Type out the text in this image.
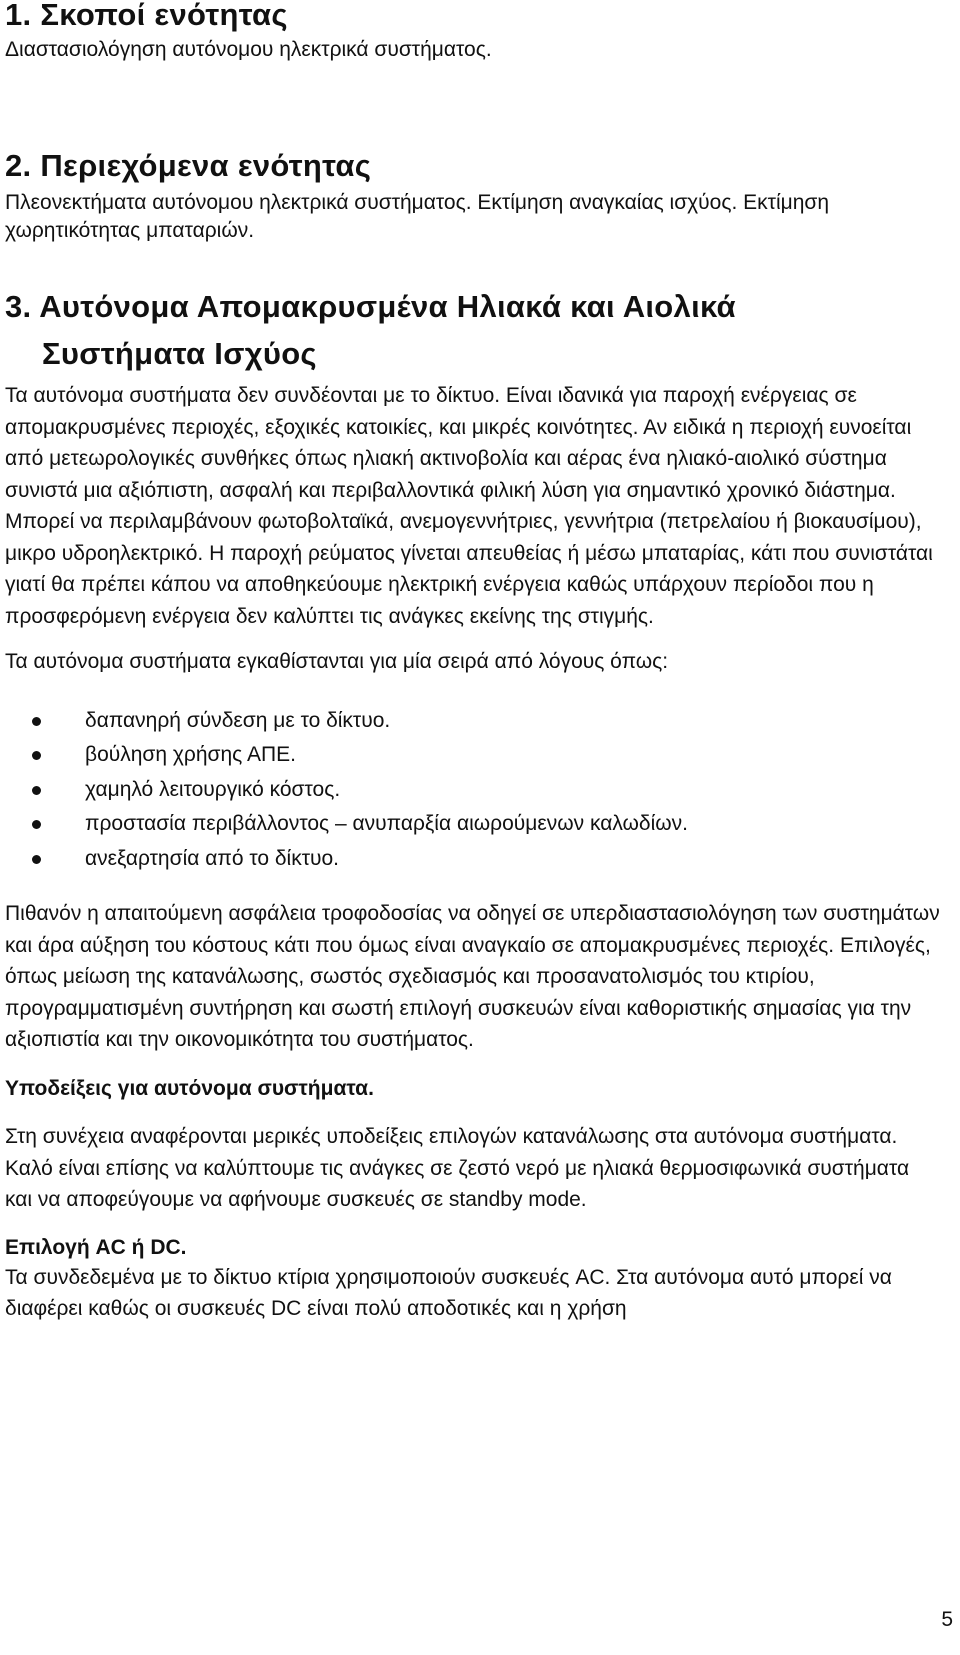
1. Σκοποί ενότητας

Διαστασιολόγηση αυτόνομου ηλεκτρικά συστήματος.

2. Περιεχόμενα ενότητας

Πλεονεκτήματα αυτόνομου ηλεκτρικά συστήματος. Εκτίμηση αναγκαίας ισχύος. Εκτίμηση χωρητικότητας μπαταριών.

3. Αυτόνομα Απομακρυσμένα Ηλιακά και Αιολικά Συστήματα Ισχύος

Τα αυτόνομα συστήματα δεν συνδέονται με το δίκτυο. Είναι ιδανικά για παροχή ενέργειας σε απομακρυσμένες περιοχές, εξοχικές κατοικίες, και μικρές κοινότητες. Αν ειδικά η περιοχή ευνοείται από μετεωρολογικές συνθήκες όπως ηλιακή ακτινοβολία και αέρας ένα ηλιακό-αιολικό σύστημα συνιστά μια αξιόπιστη, ασφαλή και περιβαλλοντικά φιλική λύση για σημαντικό χρονικό διάστημα. Μπορεί να περιλαμβάνουν φωτοβολταϊκά, ανεμογεννήτριες, γεννήτρια (πετρελαίου ή βιοκαυσίμου), μικρο υδροηλεκτρικό. Η παροχή ρεύματος γίνεται απευθείας ή μέσω μπαταρίας, κάτι που συνιστάται γιατί θα πρέπει κάπου να αποθηκεύουμε ηλεκτρική ενέργεια καθώς υπάρχουν περίοδοι που η προσφερόμενη ενέργεια δεν καλύπτει τις ανάγκες εκείνης της στιγμής.

Τα αυτόνομα συστήματα εγκαθίστανται για μία σειρά από λόγους όπως:

δαπανηρή σύνδεση με το δίκτυο.
βούληση χρήσης ΑΠΕ.
χαμηλό λειτουργικό κόστος.
προστασία περιβάλλοντος – ανυπαρξία αιωρούμενων καλωδίων.
ανεξαρτησία από το δίκτυο.

Πιθανόν η απαιτούμενη ασφάλεια τροφοδοσίας να οδηγεί σε υπερδιαστασιολόγηση των συστημάτων και άρα αύξηση του κόστους κάτι που όμως είναι αναγκαίο σε απομακρυσμένες περιοχές. Επιλογές, όπως μείωση της κατανάλωσης, σωστός σχεδιασμός και προσανατολισμός του κτιρίου, προγραμματισμένη συντήρηση και σωστή επιλογή συσκευών είναι καθοριστικής σημασίας για την αξιοπιστία και την οικονομικότητα του συστήματος.

Υποδείξεις για αυτόνομα συστήματα.

Στη συνέχεια αναφέρονται μερικές υποδείξεις επιλογών κατανάλωσης στα αυτόνομα συστήματα. Καλό είναι επίσης να καλύπτουμε τις ανάγκες σε ζεστό νερό με ηλιακά θερμοσιφωνικά συστήματα και να αποφεύγουμε να αφήνουμε συσκευές σε standby mode.

Επιλογή AC ή DC.

Τα συνδεδεμένα με το δίκτυο κτίρια χρησιμοποιούν συσκευές AC. Στα αυτόνομα αυτό μπορεί να διαφέρει καθώς οι συσκευές DC είναι πολύ αποδοτικές και η χρήση

5
